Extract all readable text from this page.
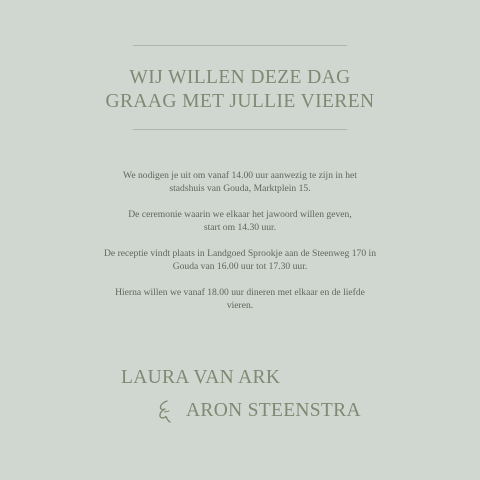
WIJ WILLEN DEZE DAG
GRAAG MET JULLIE VIEREN
We nodigen je uit om vanaf 14.00 uur aanwezig te zijn in het
stadshuis van Gouda, Marktplein 15.
De ceremonie waarin we elkaar het jawoord willen geven,
start om 14.30 uur.
De receptie vindt plaats in Landgoed Sprookje aan de Steenweg 170 in
Gouda van 16.00 uur tot 17.30 uur.
Hierna willen we vanaf 18.00 uur dineren met elkaar en de liefde
vieren.
LAURA VAN ARK
ARON STEENSTRA
